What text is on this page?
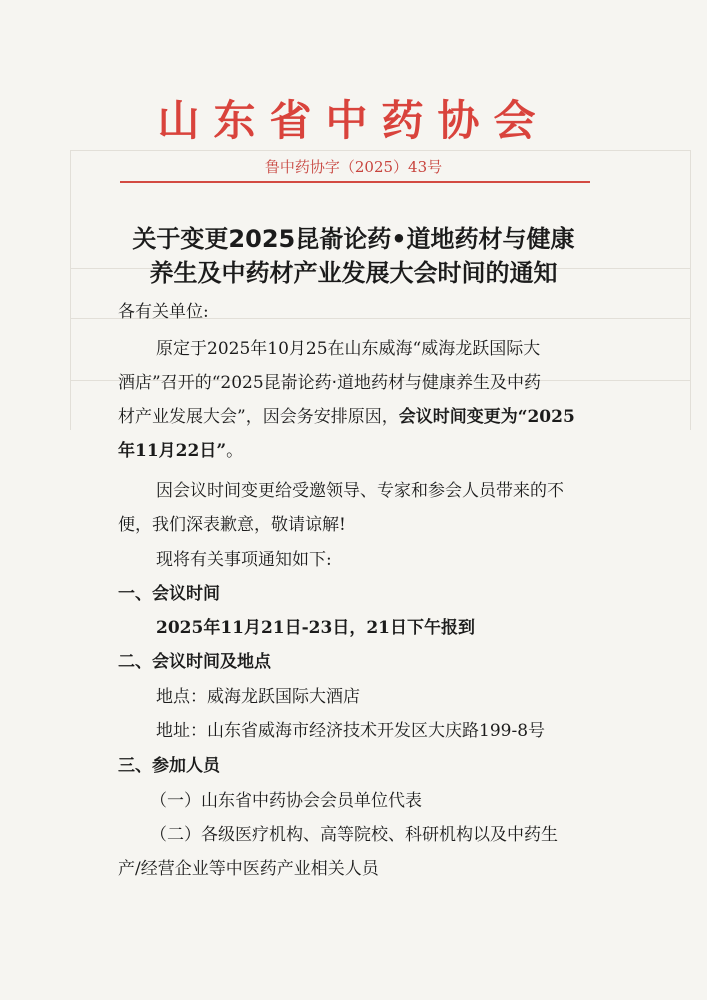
山东省中药协会
鲁中药协字（2025）43号
关于变更2025昆嵛论药•道地药材与健康
养生及中药材产业发展大会时间的通知
各有关单位:
原定于2025年10月25在山东威海“威海龙跃国际大
酒店”召开的“2025昆嵛论药·道地药材与健康养生及中药
材产业发展大会”，因会务安排原因，会议时间变更为“2025
年11月22日”。
因会议时间变更给受邀领导、专家和参会人员带来的不
便，我们深表歉意，敬请谅解!
现将有关事项通知如下:
一、会议时间
2025年11月21日-23日，21日下午报到
二、会议时间及地点
地点：威海龙跃国际大酒店
地址：山东省威海市经济技术开发区大庆路199-8号
三、参加人员
（一）山东省中药协会会员单位代表
（二）各级医疗机构、高等院校、科研机构以及中药生
产/经营企业等中医药产业相关人员
